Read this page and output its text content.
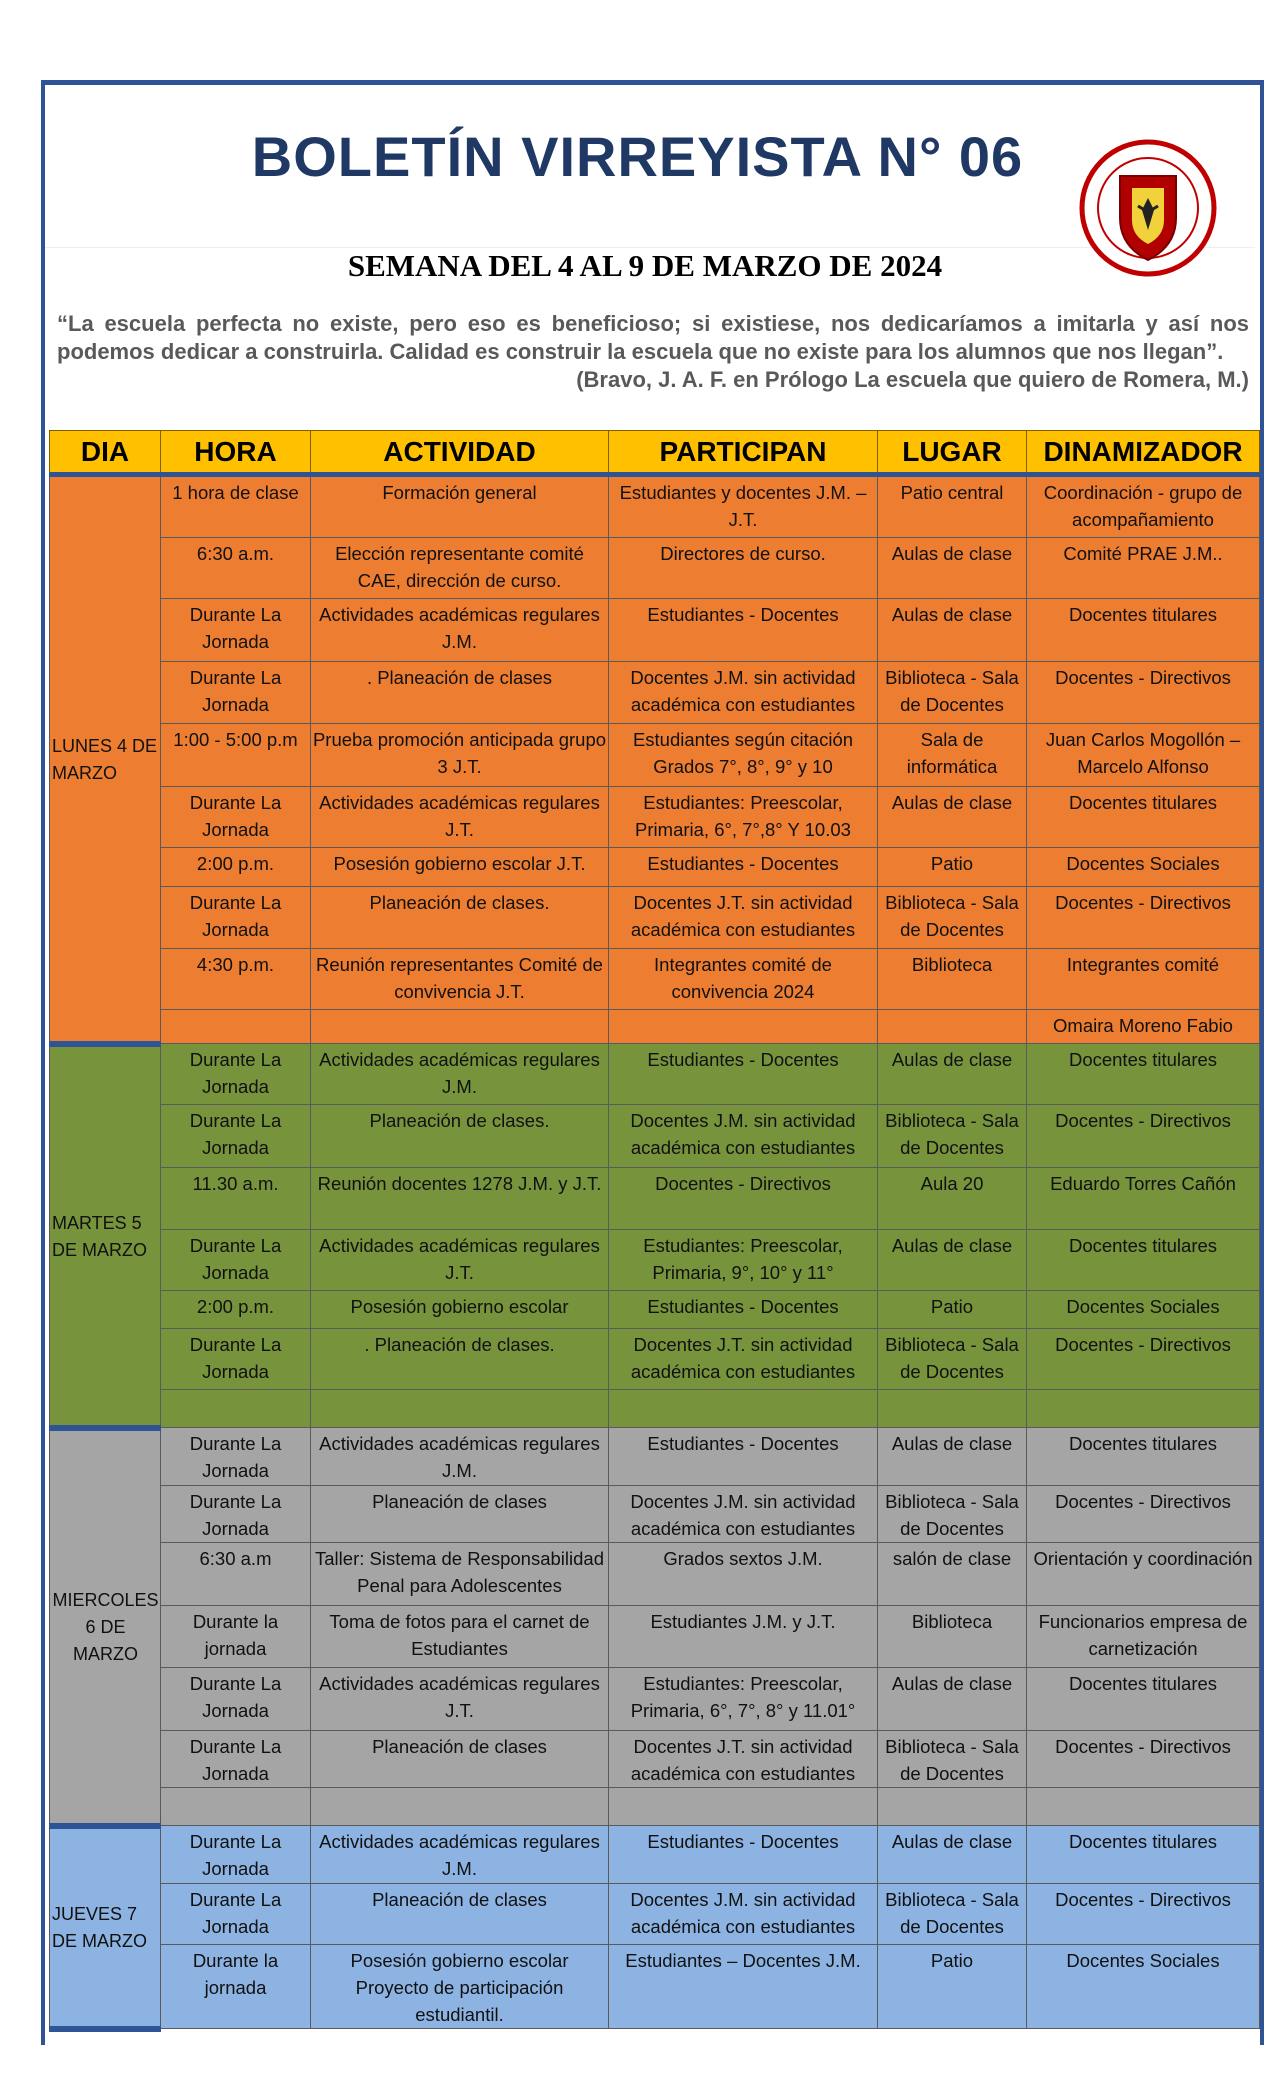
BOLETÍN VIRREYISTA N° 06
SEMANA DEL 4 AL 9 DE MARZO DE 2024
“La escuela perfecta no existe, pero eso es beneficioso; si existiese, nos dedicaríamos a imitarla y así nos podemos dedicar a construirla. Calidad es construir la escuela que no existe para los alumnos que nos llegan”.
(Bravo, J. A. F. en Prólogo La escuela que quiero de Romera, M.)
DIA	HORA	ACTIVIDAD	PARTICIPAN	LUGAR	DINAMIZADOR
LUNES 4 DE MARZO	1 hora de clase	Formación general	Estudiantes y docentes J.M. – J.T.	Patio central	Coordinación - grupo de acompañamiento
	6:30 a.m.	Elección representante comité CAE, dirección de curso.	Directores de curso.	Aulas de clase	Comité PRAE J.M..
	Durante La Jornada	Actividades académicas regulares J.M.	Estudiantes - Docentes	Aulas de clase	Docentes titulares
	Durante La Jornada	. Planeación de clases	Docentes J.M. sin actividad académica con estudiantes	Biblioteca - Sala de Docentes	Docentes - Directivos
	1:00 - 5:00 p.m	Prueba promoción anticipada grupo 3 J.T.	Estudiantes según citación Grados 7°, 8°, 9° y 10	Sala de informática	Juan Carlos Mogollón – Marcelo Alfonso
	Durante La Jornada	Actividades académicas regulares J.T.	Estudiantes: Preescolar, Primaria, 6°, 7°,8° Y 10.03	Aulas de clase	Docentes titulares
	2:00 p.m.	Posesión gobierno escolar J.T.	Estudiantes - Docentes	Patio	Docentes Sociales
	Durante La Jornada	Planeación de clases.	Docentes J.T. sin actividad académica con estudiantes	Biblioteca - Sala de Docentes	Docentes - Directivos
	4:30 p.m.	Reunión representantes Comité de convivencia J.T.	Integrantes comité de convivencia 2024	Biblioteca	Integrantes comité
					Omaira Moreno Fabio
MARTES 5 DE MARZO	Durante La Jornada	Actividades académicas regulares J.M.	Estudiantes - Docentes	Aulas de clase	Docentes titulares
	Durante La Jornada	Planeación de clases.	Docentes J.M. sin actividad académica con estudiantes	Biblioteca - Sala de Docentes	Docentes - Directivos
	11.30 a.m.	Reunión docentes 1278 J.M. y J.T.	Docentes - Directivos	Aula 20	Eduardo Torres Cañón
	Durante La Jornada	Actividades académicas regulares J.T.	Estudiantes: Preescolar, Primaria, 9°, 10° y 11°	Aulas de clase	Docentes titulares
	2:00 p.m.	Posesión gobierno escolar	Estudiantes - Docentes	Patio	Docentes Sociales
	Durante La Jornada	. Planeación de clases.	Docentes J.T. sin actividad académica con estudiantes	Biblioteca - Sala de Docentes	Docentes - Directivos

MIERCOLES 6 DE MARZO	Durante La Jornada	Actividades académicas regulares J.M.	Estudiantes - Docentes	Aulas de clase	Docentes titulares
	Durante La Jornada	Planeación de clases	Docentes J.M. sin actividad académica con estudiantes	Biblioteca - Sala de Docentes	Docentes - Directivos
	6:30 a.m	Taller: Sistema de Responsabilidad Penal para Adolescentes	Grados sextos J.M.	salón de clase	Orientación y coordinación
	Durante la jornada	Toma de fotos para el carnet de Estudiantes	Estudiantes J.M. y J.T.	Biblioteca	Funcionarios empresa de carnetización
	Durante La Jornada	Actividades académicas regulares J.T.	Estudiantes: Preescolar, Primaria, 6°, 7°, 8° y 11.01°	Aulas de clase	Docentes titulares
	Durante La Jornada	Planeación de clases	Docentes J.T. sin actividad académica con estudiantes	Biblioteca - Sala de Docentes	Docentes - Directivos

JUEVES 7 DE MARZO	Durante La Jornada	Actividades académicas regulares J.M.	Estudiantes - Docentes	Aulas de clase	Docentes titulares
	Durante La Jornada	Planeación de clases	Docentes J.M. sin actividad académica con estudiantes	Biblioteca - Sala de Docentes	Docentes - Directivos
	Durante la jornada	Posesión gobierno escolar Proyecto de participación estudiantil.	Estudiantes – Docentes J.M.	Patio	Docentes Sociales
